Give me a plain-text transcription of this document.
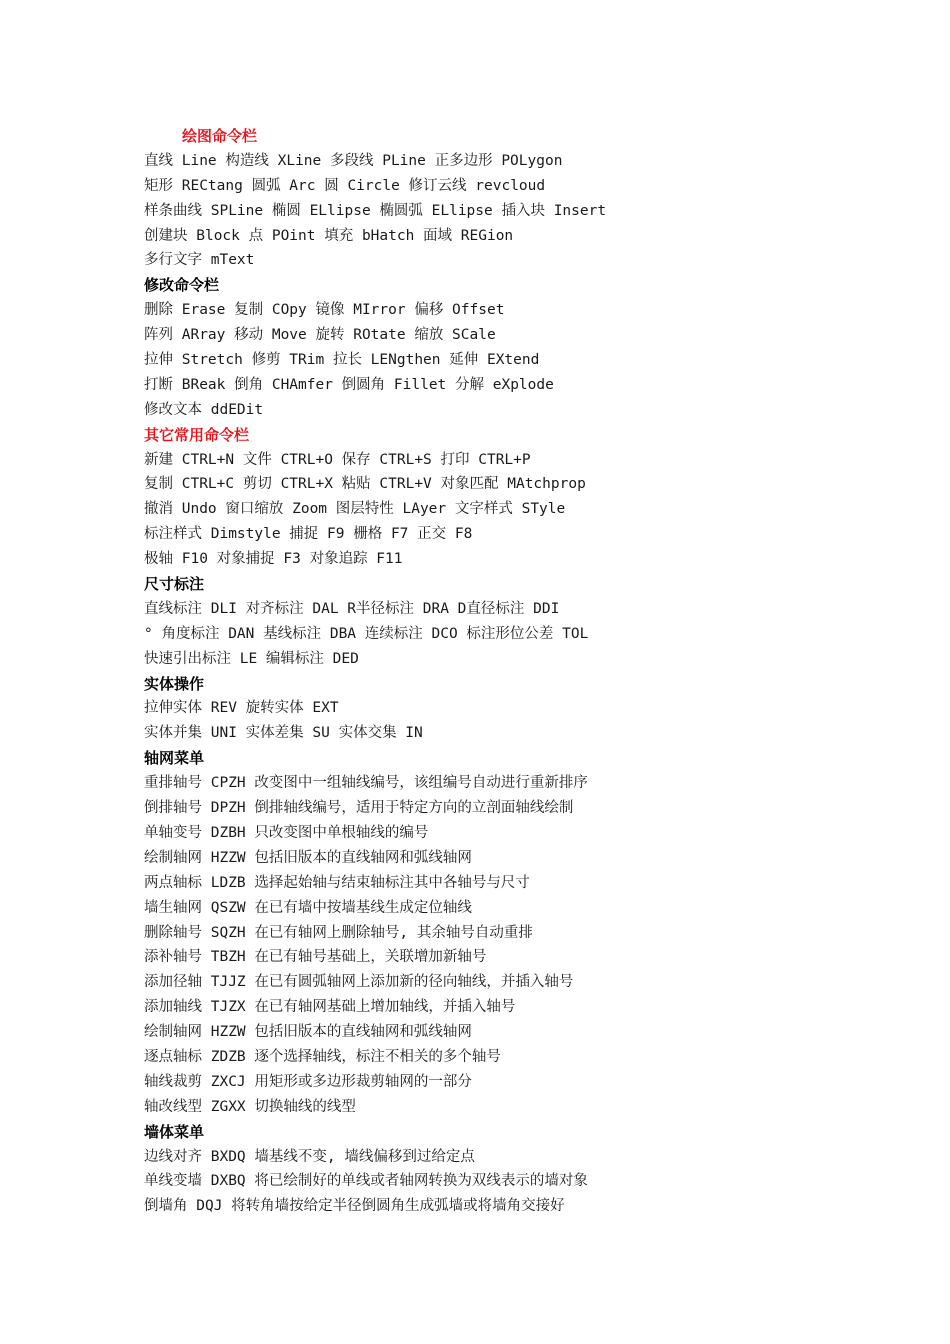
绘图命令栏
直线 Line 构造线 XLine 多段线 PLine 正多边形 POLygon
矩形 RECtang 圆弧 Arc 圆 Circle 修订云线 revcloud
样条曲线 SPLine 椭圆 ELlipse 椭圆弧 ELlipse 插入块 Insert
创建块 Block 点 POint 填充 bHatch 面域 REGion
多行文字 mText
修改命令栏
删除 Erase 复制 COpy 镜像 MIrror 偏移 Offset
阵列 ARray 移动 Move 旋转 ROtate 缩放 SCale
拉伸 Stretch 修剪 TRim 拉长 LENgthen 延伸 EXtend
打断 BReak 倒角 CHAmfer 倒圆角 Fillet 分解 eXplode
修改文本 ddEDit
其它常用命令栏
新建 CTRL+N 文件 CTRL+O 保存 CTRL+S 打印 CTRL+P
复制 CTRL+C 剪切 CTRL+X 粘贴 CTRL+V 对象匹配 MAtchprop
撤消 Undo 窗口缩放 Zoom 图层特性 LAyer 文字样式 STyle
标注样式 Dimstyle 捕捉 F9 栅格 F7 正交 F8
极轴 F10 对象捕捉 F3 对象追踪 F11
尺寸标注
直线标注 DLI 对齐标注 DAL R半径标注 DRA D直径标注 DDI
° 角度标注 DAN 基线标注 DBA 连续标注 DCO 标注形位公差 TOL
快速引出标注 LE 编辑标注 DED
实体操作
拉伸实体 REV 旋转实体 EXT
实体并集 UNI 实体差集 SU 实体交集 IN
轴网菜单
重排轴号 CPZH 改变图中一组轴线编号，该组编号自动进行重新排序
倒排轴号 DPZH 倒排轴线编号，适用于特定方向的立剖面轴线绘制
单轴变号 DZBH 只改变图中单根轴线的编号
绘制轴网 HZZW 包括旧版本的直线轴网和弧线轴网
两点轴标 LDZB 选择起始轴与结束轴标注其中各轴号与尺寸
墙生轴网 QSZW 在已有墙中按墙基线生成定位轴线
删除轴号 SQZH 在已有轴网上删除轴号, 其余轴号自动重排
添补轴号 TBZH 在已有轴号基础上，关联增加新轴号
添加径轴 TJJZ 在已有圆弧轴网上添加新的径向轴线，并插入轴号
添加轴线 TJZX 在已有轴网基础上增加轴线，并插入轴号
绘制轴网 HZZW 包括旧版本的直线轴网和弧线轴网
逐点轴标 ZDZB 逐个选择轴线，标注不相关的多个轴号
轴线裁剪 ZXCJ 用矩形或多边形裁剪轴网的一部分
轴改线型 ZGXX 切换轴线的线型
墙体菜单
边线对齐 BXDQ 墙基线不变, 墙线偏移到过给定点
单线变墙 DXBQ 将已绘制好的单线或者轴网转换为双线表示的墙对象
倒墙角 DQJ 将转角墙按给定半径倒圆角生成弧墙或将墙角交接好
